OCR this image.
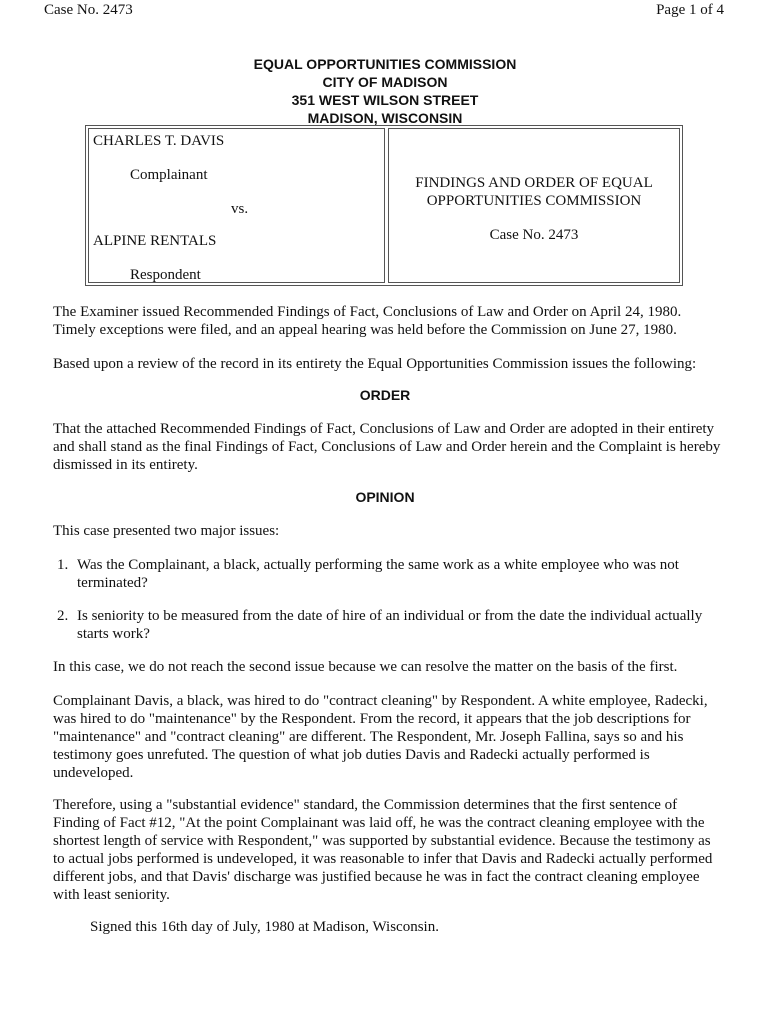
Case No. 2473	Page 1 of 4
EQUAL OPPORTUNITIES COMMISSION
CITY OF MADISON
351 WEST WILSON STREET
MADISON, WISCONSIN
CHARLES T. DAVIS
Complainant
vs.
ALPINE RENTALS
Respondent
FINDINGS AND ORDER OF EQUAL
OPPORTUNITIES COMMISSION
Case No. 2473

The Examiner issued Recommended Findings of Fact, Conclusions of Law and Order on April 24, 1980. Timely exceptions were filed, and an appeal hearing was held before the Commission on June 27, 1980.

Based upon a review of the record in its entirety the Equal Opportunities Commission issues the following:

ORDER

That the attached Recommended Findings of Fact, Conclusions of Law and Order are adopted in their entirety and shall stand as the final Findings of Fact, Conclusions of Law and Order herein and the Complaint is hereby dismissed in its entirety.

OPINION

This case presented two major issues:

1. Was the Complainant, a black, actually performing the same work as a white employee who was not terminated?
2. Is seniority to be measured from the date of hire of an individual or from the date the individual actually starts work?

In this case, we do not reach the second issue because we can resolve the matter on the basis of the first.

Complainant Davis, a black, was hired to do "contract cleaning" by Respondent. A white employee, Radecki, was hired to do "maintenance" by the Respondent. From the record, it appears that the job descriptions for "maintenance" and "contract cleaning" are different. The Respondent, Mr. Joseph Fallina, says so and his testimony goes unrefuted. The question of what job duties Davis and Radecki actually performed is undeveloped.

Therefore, using a "substantial evidence" standard, the Commission determines that the first sentence of Finding of Fact #12, "At the point Complainant was laid off, he was the contract cleaning employee with the shortest length of service with Respondent," was supported by substantial evidence. Because the testimony as to actual jobs performed is undeveloped, it was reasonable to infer that Davis and Radecki actually performed different jobs, and that Davis' discharge was justified because he was in fact the contract cleaning employee with least seniority.

Signed this 16th day of July, 1980 at Madison, Wisconsin.
